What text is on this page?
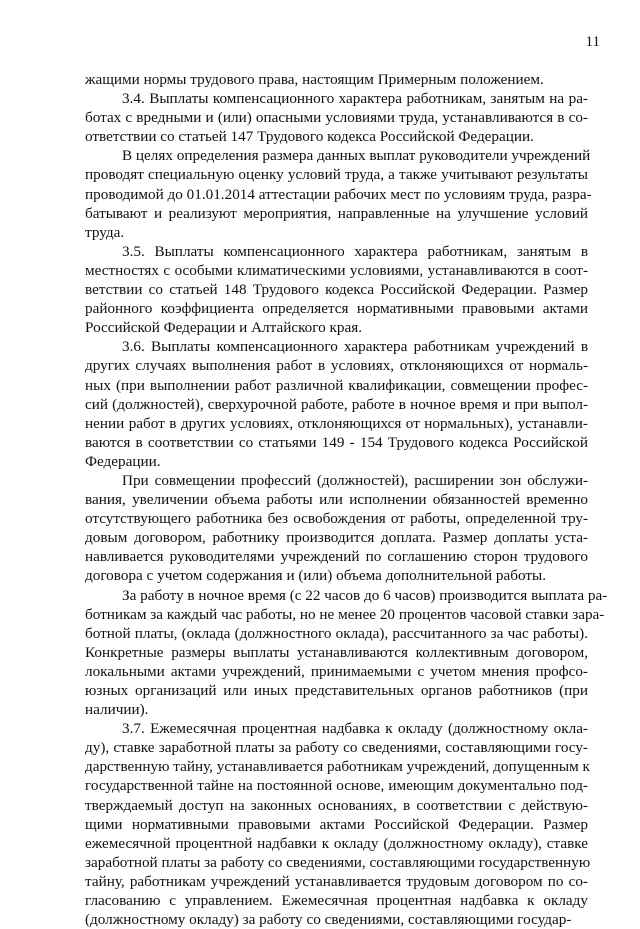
11

жащими нормы трудового права, настоящим Примерным положением.

3.4. Выплаты компенсационного характера работникам, занятым на ра-
ботах с вредными и (или) опасными условиями труда, устанавливаются в со-
ответствии со статьей 147 Трудового кодекса Российской Федерации.

В целях определения размера данных выплат руководители учреждений
проводят специальную оценку условий труда, а также учитывают результаты
проводимой до 01.01.2014 аттестации рабочих мест по условиям труда, разра-
батывают и реализуют мероприятия, направленные на улучшение условий
труда.

3.5. Выплаты компенсационного характера работникам, занятым в
местностях с особыми климатическими условиями, устанавливаются в соот-
ветствии со статьей 148 Трудового кодекса Российской Федерации. Размер
районного коэффициента определяется нормативными правовыми актами
Российской Федерации и Алтайского края.

3.6. Выплаты компенсационного характера работникам учреждений в
других случаях выполнения работ в условиях, отклоняющихся от нормаль-
ных (при выполнении работ различной квалификации, совмещении профес-
сий (должностей), сверхурочной работе, работе в ночное время и при выпол-
нении работ в других условиях, отклоняющихся от нормальных), устанавли-
ваются в соответствии со статьями 149 - 154 Трудового кодекса Российской
Федерации.

При совмещении профессий (должностей), расширении зон обслужи-
вания, увеличении объема работы или исполнении обязанностей временно
отсутствующего работника без освобождения от работы, определенной тру-
довым договором, работнику производится доплата. Размер доплаты уста-
навливается руководителями учреждений по соглашению сторон трудового
договора с учетом содержания и (или) объема дополнительной работы.

За работу в ночное время (с 22 часов до 6 часов) производится выплата ра-
ботникам за каждый час работы, но не менее 20 процентов часовой ставки зара-
ботной платы, (оклада (должностного оклада), рассчитанного за час работы).
Конкретные размеры выплаты устанавливаются коллективным договором,
локальными актами учреждений, принимаемыми с учетом мнения профсо-
юзных организаций или иных представительных органов работников (при
наличии).

3.7. Ежемесячная процентная надбавка к окладу (должностному окла-
ду), ставке заработной платы за работу со сведениями, составляющими госу-
дарственную тайну, устанавливается работникам учреждений, допущенным к
государственной тайне на постоянной основе, имеющим документально под-
тверждаемый доступ на законных основаниях, в соответствии с действую-
щими нормативными правовыми актами Российской Федерации. Размер
ежемесячной процентной надбавки к окладу (должностному окладу), ставке
заработной платы за работу со сведениями, составляющими государственную
тайну, работникам учреждений устанавливается трудовым договором по со-
гласованию с управлением. Ежемесячная процентная надбавка к окладу
(должностному окладу) за работу со сведениями, составляющими государ-
